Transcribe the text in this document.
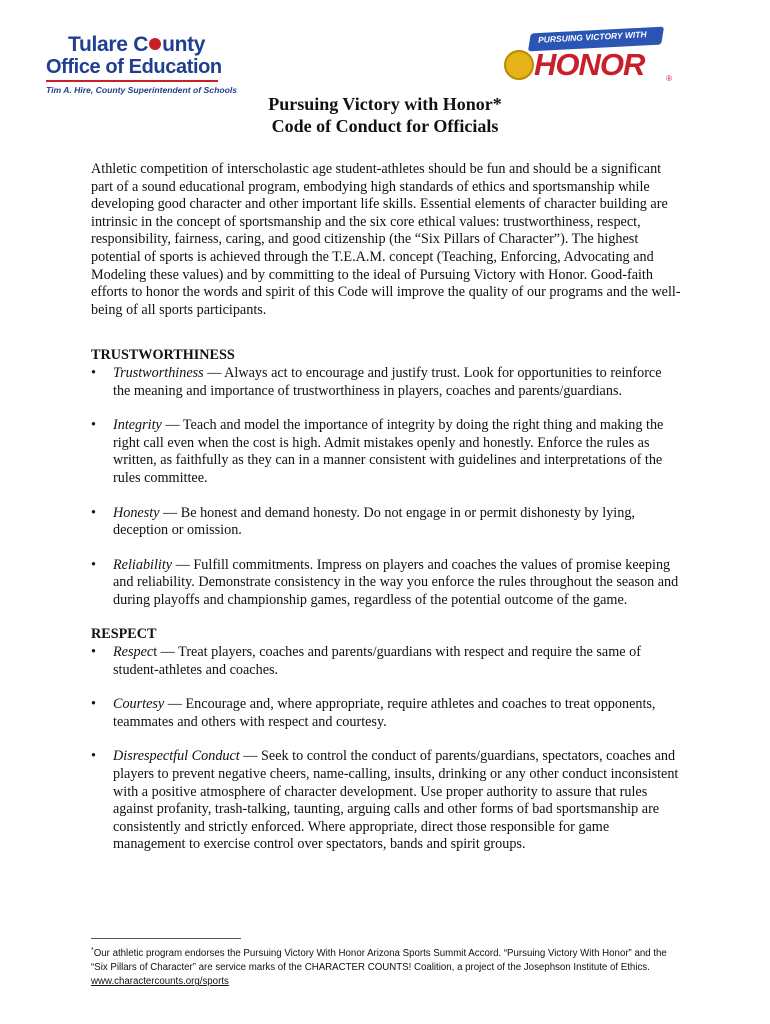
Tulare C unty
Office of Education
Tim A. Hire, County Superintendent of Schools
PURSUING VICTORY WITH
HONOR	®
Pursuing Victory with Honor*
Code of Conduct for Officials

Athletic competition of interscholastic age student-athletes should be fun and should be a significant part of a sound educational program, embodying high standards of ethics and sportsmanship while developing good character and other important life skills. Essential elements of character building are intrinsic in the concept of sportsmanship and the six core ethical values: trustworthiness, respect, responsibility, fairness, caring, and good citizenship (the “Six Pillars of Character”). The highest potential of sports is achieved through the T.E.A.M. concept (Teaching, Enforcing, Advocating and Modeling these values) and by committing to the ideal of Pursuing Victory with Honor. Good-faith efforts to honor the words and spirit of this Code will improve the quality of our programs and the well-being of all sports participants.

TRUSTWORTHINESS

• Trustworthiness — Always act to encourage and justify trust. Look for opportunities to reinforce the meaning and importance of trustworthiness in players, coaches and parents/guardians.
• Integrity — Teach and model the importance of integrity by doing the right thing and making the right call even when the cost is high. Admit mistakes openly and honestly. Enforce the rules as written, as faithfully as they can in a manner consistent with guidelines and interpretations of the rules committee.
• Honesty — Be honest and demand honesty. Do not engage in or permit dishonesty by lying, deception or omission.
• Reliability — Fulfill commitments. Impress on players and coaches the values of promise keeping and reliability. Demonstrate consistency in the way you enforce the rules throughout the season and during playoffs and championship games, regardless of the potential outcome of the game.

RESPECT

• Respect — Treat players, coaches and parents/guardians with respect and require the same of student-athletes and coaches.
• Courtesy — Encourage and, where appropriate, require athletes and coaches to treat opponents, teammates and others with respect and courtesy.
• Disrespectful Conduct — Seek to control the conduct of parents/guardians, spectators, coaches and players to prevent negative cheers, name-calling, insults, drinking or any other conduct inconsistent with a positive atmosphere of character development. Use proper authority to assure that rules against profanity, trash-talking, taunting, arguing calls and other forms of bad sportsmanship are consistently and strictly enforced. Where appropriate, direct those responsible for game management to exercise control over spectators, bands and spirit groups.
*Our athletic program endorses the Pursuing Victory With Honor Arizona Sports Summit Accord. “Pursuing Victory With Honor” and the “Six Pillars of Character” are service marks of the CHARACTER COUNTS! Coalition, a project of the Josephson Institute of Ethics. www.charactercounts.org/sports
